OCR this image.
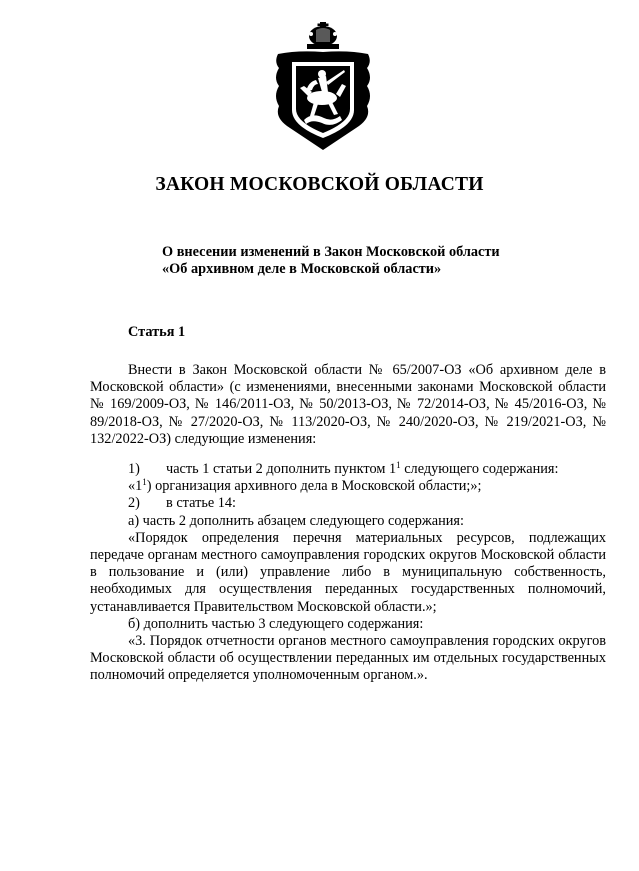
ЗАКОН МОСКОВСКОЙ ОБЛАСТИ
О внесении изменений в Закон Московской области
«Об архивном деле в Московской области»
Статья 1

Внести в Закон Московской области № 65/2007-ОЗ «Об архивном деле в Московской области» (с изменениями, внесенными законами Московской области № 169/2009-ОЗ, № 146/2011-ОЗ, № 50/2013-ОЗ, № 72/2014-ОЗ, № 45/2016-ОЗ, № 89/2018-ОЗ, № 27/2020-ОЗ, № 113/2020-ОЗ, № 240/2020-ОЗ, № 219/2021-ОЗ, № 132/2022-ОЗ) следующие изменения:

1) часть 1 статьи 2 дополнить пунктом $1^1$ следующего содержания:

«$1^1$) организация архивного дела в Московской области;»;

2) в статье 14:

а) часть 2 дополнить абзацем следующего содержания:

«Порядок определения перечня материальных ресурсов, подлежащих передаче органам местного самоуправления городских округов Московской области в пользование и (или) управление либо в муниципальную собственность, необходимых для осуществления переданных государственных полномочий, устанавливается Правительством Московской области.»;

б) дополнить частью 3 следующего содержания:

«3. Порядок отчетности органов местного самоуправления городских округов Московской области об осуществлении переданных им отдельных государственных полномочий определяется уполномоченным органом.».
